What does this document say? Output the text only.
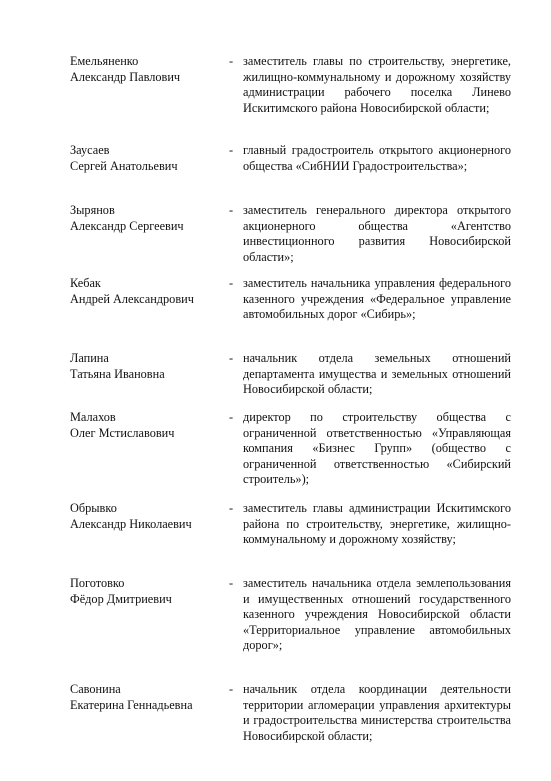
Емельяненко
Александр Павлович
- заместитель главы по строительству, энергетике, жилищно-коммунальному и дорожному хозяйству администрации рабочего поселка Линево Искитимского района Новосибирской области;
Заусаев
Сергей Анатольевич
- главный градостроитель открытого акционерного общества «СибНИИ Градостроительства»;
Зырянов
Александр Сергеевич
- заместитель генерального директора открытого акционерного общества «Агентство инвестиционного развития Новосибирской области»;
Кебак
Андрей Александрович
- заместитель начальника управления федерального казенного учреждения «Федеральное управление автомобильных дорог «Сибирь»;
Лапина
Татьяна Ивановна
- начальник отдела земельных отношений департамента имущества и земельных отношений Новосибирской области;
Малахов
Олег Мстиславович
- директор по строительству общества с ограниченной ответственностью «Управляющая компания «Бизнес Групп» (общество с ограниченной ответственностью «Сибирский строитель»);
Обрывко
Александр Николаевич
- заместитель главы администрации Искитимского района по строительству, энергетике, жилищно-коммунальному и дорожному хозяйству;
Поготовко
Фёдор Дмитриевич
- заместитель начальника отдела землепользования и имущественных отношений государственного казенного учреждения Новосибирской области «Территориальное управление автомобильных дорог»;
Савонина
Екатерина Геннадьевна
- начальник отдела координации деятельности территории агломерации управления архитектуры и градостроительства министерства строительства Новосибирской области;
